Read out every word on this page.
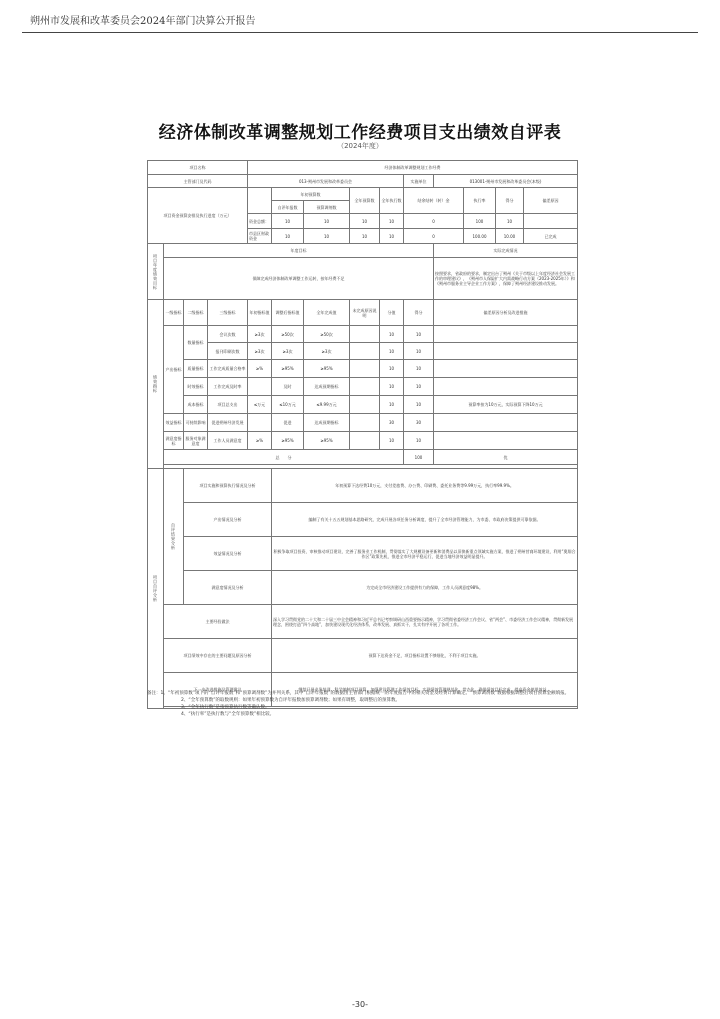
朔州市发展和改革委员会2024年部门决算公开报告
经济体制改革调整规划工作经费项目支出绩效自评表
（2024年度）
项目名称				经济体制改革调整规划工作经费									
主管部门及代码				013-朔州市发展和改革委员会					实施单位	013001-朔州市发展和改革委员会(本级)			
项目资金预算安排及执行进度（万元）					年初预算数		全年预算数	全年执行数	结余结转（转）金		执行率	得分	偏差原因
					自评年报数	预算调剂数							
				资金总额：	10	10	10	10	0		100	10	
				市县区财政资金	10	10	10	10	0		100.00	10.00	已完成
项目年度绩效目标	年度目标									实际完成情况			
	保障完成经济体制改革调整工作运转，按年经费不足									按照要求，省政府的要求，制定出台了朔州《关于市级以上年度经济社会发展工作的审理建议》，《朔州市人保险扩大内需战略行动方案（2023-2025年）》和《朔州市服务业主导企业工作方案》，保障了朔州经济建设推动发展。			
绩效指标	一级指标	二级指标	三级指标	年初指标值	调整后指标值	全年完成值	未完成原因说明	分值	得分	偏差原因分析及改进措施			
	产出指标	数量指标	会议次数	≥3次	≥50次	≥50次		10	10				
			报刊印刷次数	≥3次	≥3次	≥3次		10	10				
		质量指标	工作完成质量合格率	≥%	≥95%	≥95%		10	10				
		时效指标	工作完成及时率		及时	达成预期指标		10	10				
		成本指标	项目总支出	≤万元	≤10万元	≤9.99万元		10	10	预算率按为10万元，实际预算下降10万元			
	效益指标	可持续影响	促进朔州经济发展		促进	达成预期指标		30	30				
	满意度指标	服务对象满意度	工作人员满意度	≥%	≥95%	≥95%		10	10				
	总　　分								100	优			

项目自评分析	自评结果分析	项目实施和预算执行情况及分析			年初预算下达经费10万元，支付差旅费、办公费、印刷费、委托业务费等9.99万元，执行率99.9%。								
		产出情况及分析			编制了有关十五五规划基本思路研究，完成开展各项任务分析调度，提升了全市经济管理能力，为市委、市政府决策提供可靠依据。								
		效益情况及分析			积极争取项目投资，审核推动项目建设，完善了服务业工作机制，贯彻落实了大规模设备更新和消费品以旧换新重点领域实施方案，推进了朔州营商环境建设，利用“奥翔合作区”政策先机，推进全市经济平稳运行，促进当地经济效益明显提升。								
		满意度情况及分析			为完成全市经济建设工作提供有力的保障，工作人员满意度98%。								
	主要经验做法				深入学习贯彻党的二十大和二十届三中全会精神和习近平总书记考察调研山西重要指示精神，学习贯彻省委经济工作会议、省“两会”、市委经济工作会议精神，贯彻新发展理念，围绕打造“四个高地”，加快建设现代化经济体系，改革发展、真抓实干，扎实有序开展了各项工作。								
	项目绩效中存在的主要问题及原因分析				预算下达资金不足，项目指标设置不够细化，不利于项目实施。								
	下一步改进措施及管理建议				继续开展业务培训，科学编制项目预算，加强建设管理工作绩效目标，实现绩效管理规范化、常态化，确保绩效目标完成，提高资金使用效益。								

备注：1、“年初预算数”项下的“自评年报数”和“预算调剂数”为并列关系，其中“自评年报数”的数据由主管部门根据统一的年度报告中的相关资金及经费计算确定。“预算调剂数”数据根据调整后项目预算金额填报。
2、“全年预算数”的取数规则：如果年初预算数为自评年报数加预算调剂数；如果有调整，取调整后的预算数。
3、“全年执行数”是指预算执行数等确认数。
4、“执行率”是执行数与“全年预算数”相比较。
-30-
